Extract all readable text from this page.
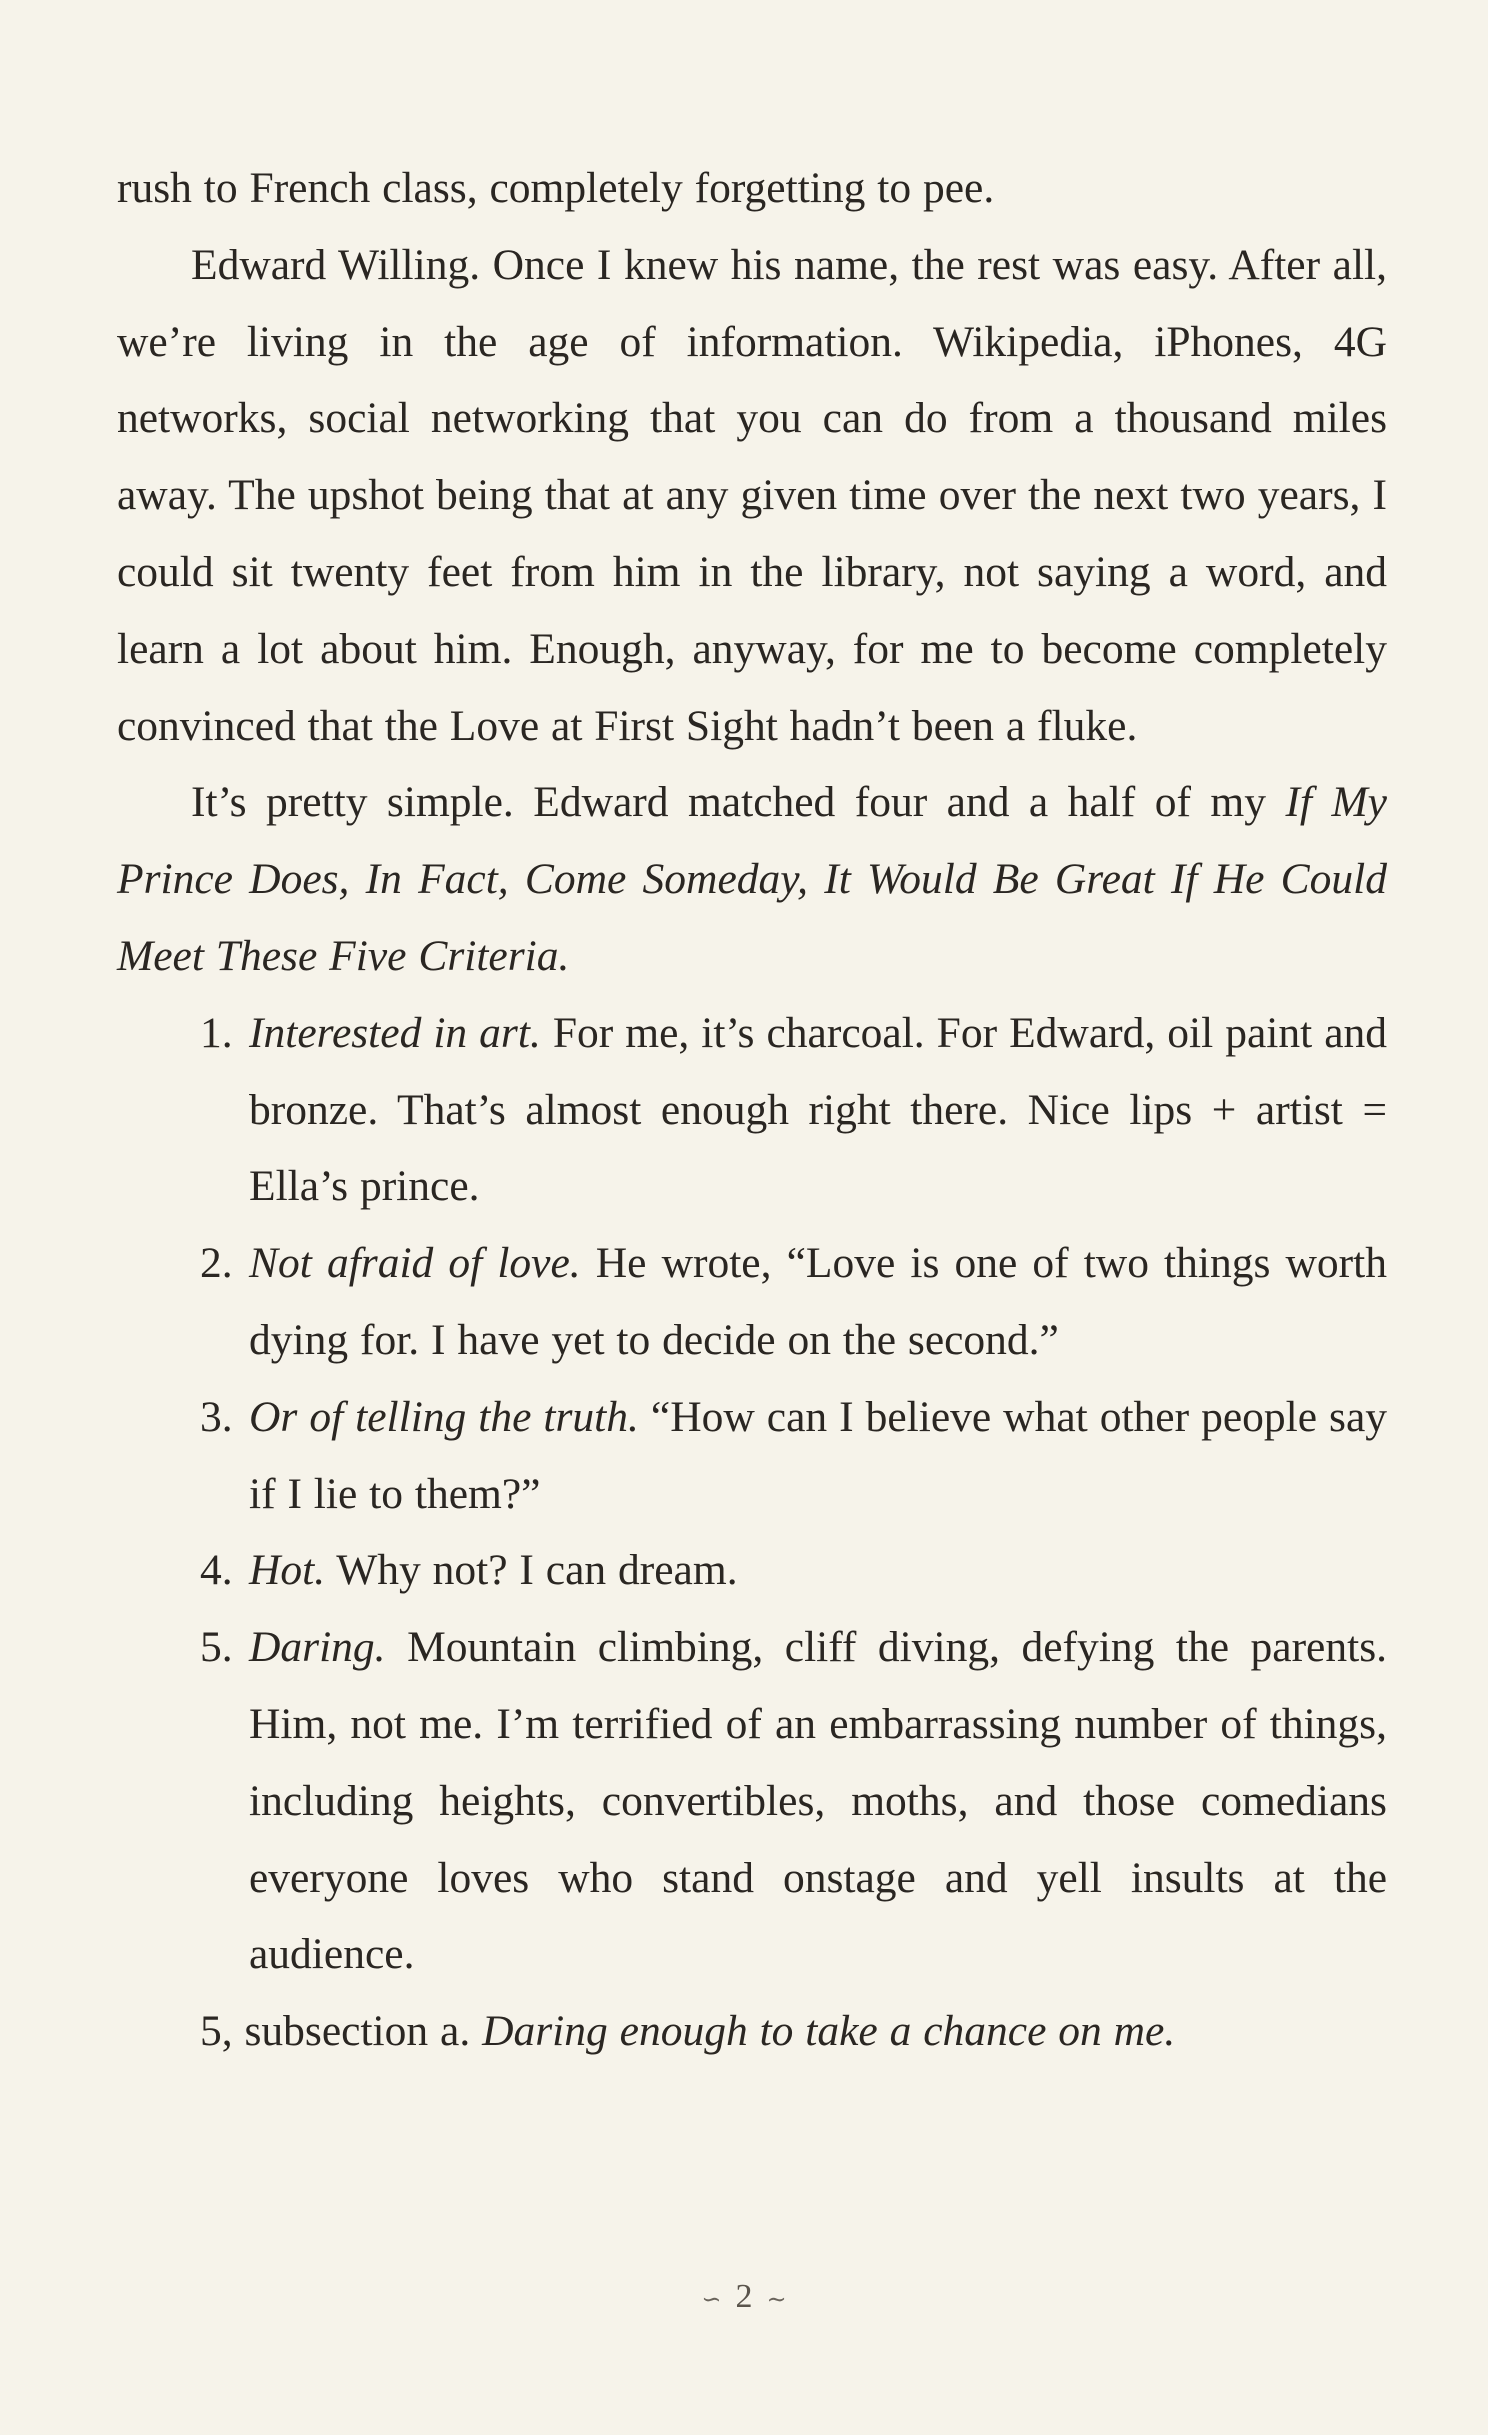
rush to French class, completely forgetting to pee.

Edward Willing. Once I knew his name, the rest was easy. After all, we’re living in the age of information. Wikipedia, iPhones, 4G networks, social networking that you can do from a thousand miles away. The upshot being that at any given time over the next two years, I could sit twenty feet from him in the library, not saying a word, and learn a lot about him. Enough, anyway, for me to become completely convinced that the Love at First Sight hadn’t been a fluke.

It’s pretty simple. Edward matched four and a half of my If My Prince Does, In Fact, Come Someday, It Would Be Great If He Could Meet These Five Criteria.

1. Interested in art. For me, it’s charcoal. For Edward, oil paint and bronze. That’s almost enough right there. Nice lips + artist = Ella’s prince.
2. Not afraid of love. He wrote, “Love is one of two things worth dying for. I have yet to decide on the second.”
3. Or of telling the truth. “How can I believe what other people say if I lie to them?”
4. Hot. Why not? I can dream.
5. Daring. Mountain climbing, cliff diving, defying the parents. Him, not me. I’m terrified of an embarrassing number of things, including heights, convertibles, moths, and those comedians everyone loves who stand onstage and yell insults at the audience.
5, subsection a. Daring enough to take a chance on me.
∽ 2 ∼
